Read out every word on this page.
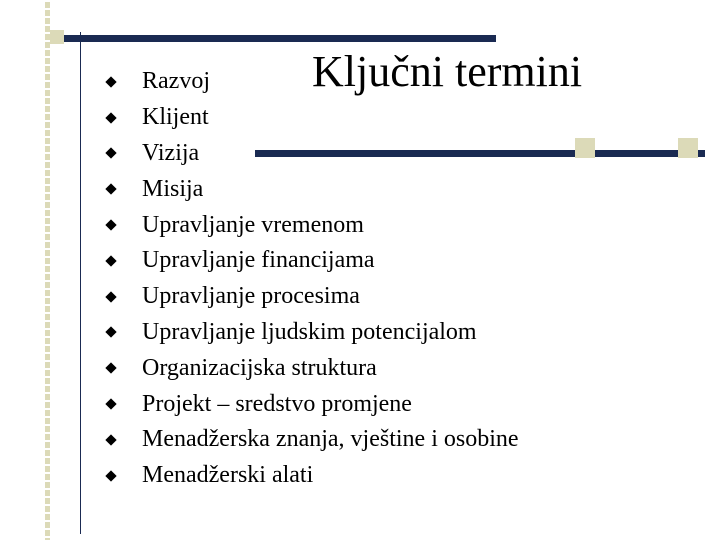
Ključni termini
Razvoj
Klijent
Vizija
Misija
Upravljanje vremenom
Upravljanje financijama
Upravljanje procesima
Upravljanje ljudskim potencijalom
Organizacijska struktura
Projekt – sredstvo promjene
Menadžerska znanja, vještine i osobine
Menadžerski alati
